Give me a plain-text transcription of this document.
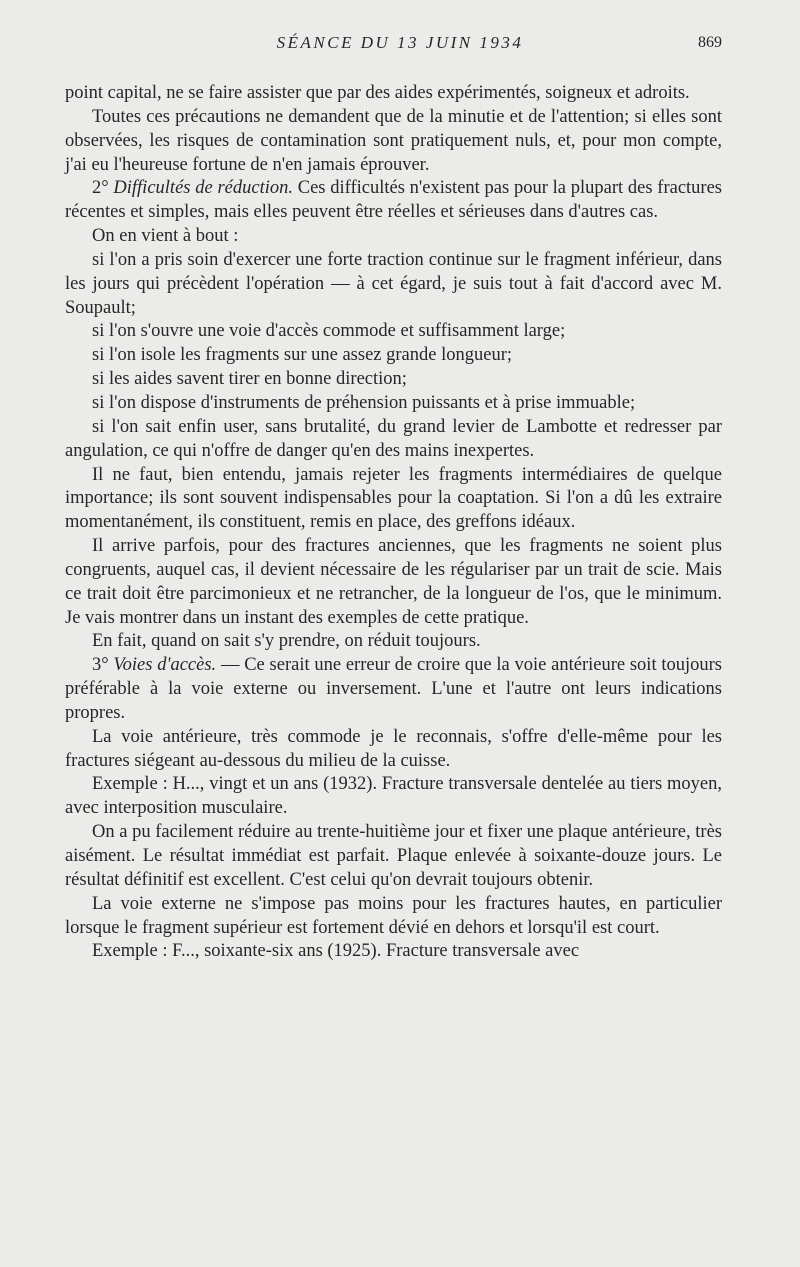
SÉANCE DU 13 JUIN 1934	869

point capital, ne se faire assister que par des aides expérimentés, soigneux et adroits.

Toutes ces précautions ne demandent que de la minutie et de l'attention; si elles sont observées, les risques de contamination sont pratiquement nuls, et, pour mon compte, j'ai eu l'heureuse fortune de n'en jamais éprouver.

2° Difficultés de réduction. Ces difficultés n'existent pas pour la plupart des fractures récentes et simples, mais elles peuvent être réelles et sérieuses dans d'autres cas.

On en vient à bout :

si l'on a pris soin d'exercer une forte traction continue sur le fragment inférieur, dans les jours qui précèdent l'opération — à cet égard, je suis tout à fait d'accord avec M. Soupault;

si l'on s'ouvre une voie d'accès commode et suffisamment large;

si l'on isole les fragments sur une assez grande longueur;

si les aides savent tirer en bonne direction;

si l'on dispose d'instruments de préhension puissants et à prise immuable;

si l'on sait enfin user, sans brutalité, du grand levier de Lambotte et redresser par angulation, ce qui n'offre de danger qu'en des mains inexpertes.

Il ne faut, bien entendu, jamais rejeter les fragments intermédiaires de quelque importance; ils sont souvent indispensables pour la coaptation. Si l'on a dû les extraire momentanément, ils constituent, remis en place, des greffons idéaux.

Il arrive parfois, pour des fractures anciennes, que les fragments ne soient plus congruents, auquel cas, il devient nécessaire de les régulariser par un trait de scie. Mais ce trait doit être parcimonieux et ne retrancher, de la longueur de l'os, que le minimum. Je vais montrer dans un instant des exemples de cette pratique.

En fait, quand on sait s'y prendre, on réduit toujours.

3° Voies d'accès. — Ce serait une erreur de croire que la voie antérieure soit toujours préférable à la voie externe ou inversement. L'une et l'autre ont leurs indications propres.

La voie antérieure, très commode je le reconnais, s'offre d'elle-même pour les fractures siégeant au-dessous du milieu de la cuisse.

Exemple : H..., vingt et un ans (1932). Fracture transversale dentelée au tiers moyen, avec interposition musculaire.

On a pu facilement réduire au trente-huitième jour et fixer une plaque antérieure, très aisément. Le résultat immédiat est parfait. Plaque enlevée à soixante-douze jours. Le résultat définitif est excellent. C'est celui qu'on devrait toujours obtenir.

La voie externe ne s'impose pas moins pour les fractures hautes, en particulier lorsque le fragment supérieur est fortement dévié en dehors et lorsqu'il est court.

Exemple : F..., soixante-six ans (1925). Fracture transversale avec
